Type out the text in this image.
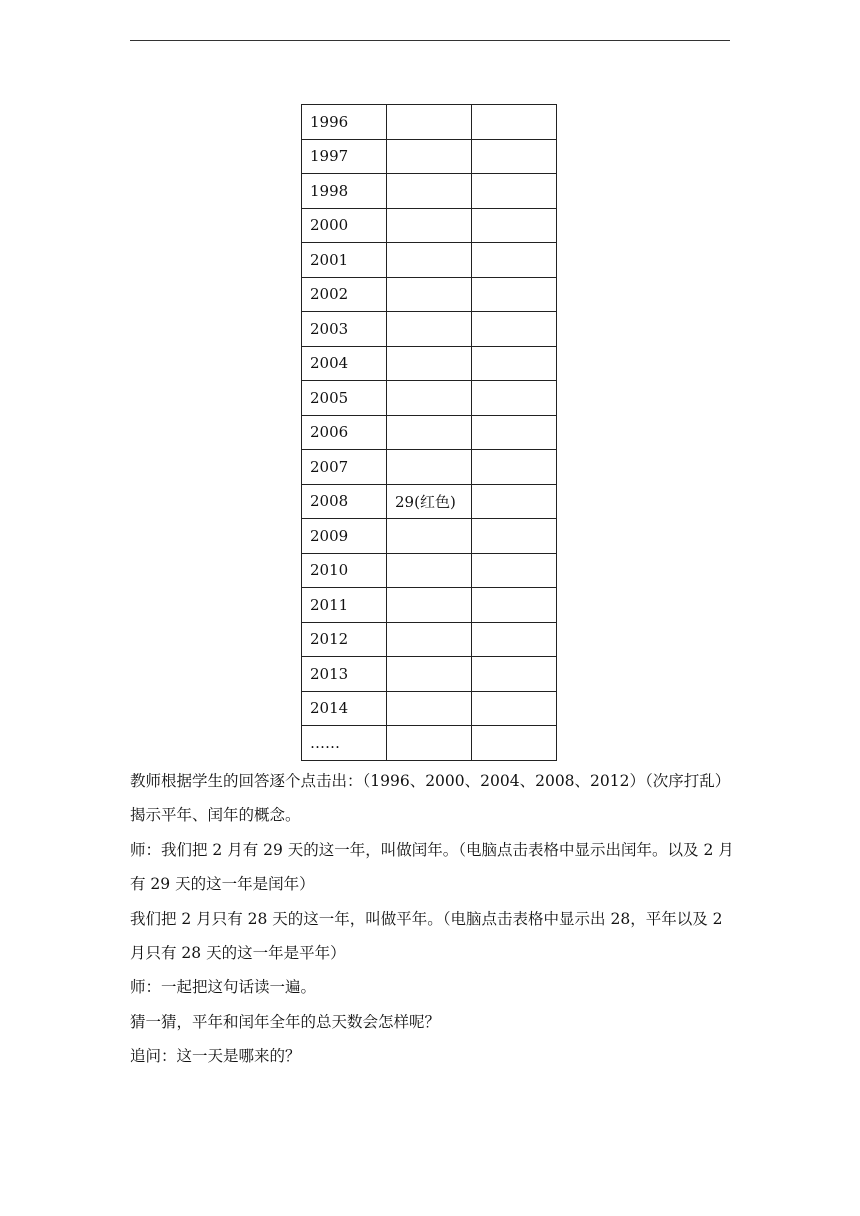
1996		
1997		
1998		
2000		
2001		
2002		
2003		
2004		
2005		
2006		
2007		
2008	29(红色)	
2009		
2010		
2011		
2012		
2013		
2014		
……		

教师根据学生的回答逐个点击出：（1996、2000、2004、2008、2012）（次序打乱）

揭示平年、闰年的概念。

师：我们把 2 月有 29 天的这一年，叫做闰年。（电脑点击表格中显示出闰年。以及 2 月有 29 天的这一年是闰年）

我们把 2 月只有 28 天的这一年，叫做平年。（电脑点击表格中显示出 28，平年以及 2 月只有 28 天的这一年是平年）

师：一起把这句话读一遍。

猜一猜，平年和闰年全年的总天数会怎样呢？

追问：这一天是哪来的？
